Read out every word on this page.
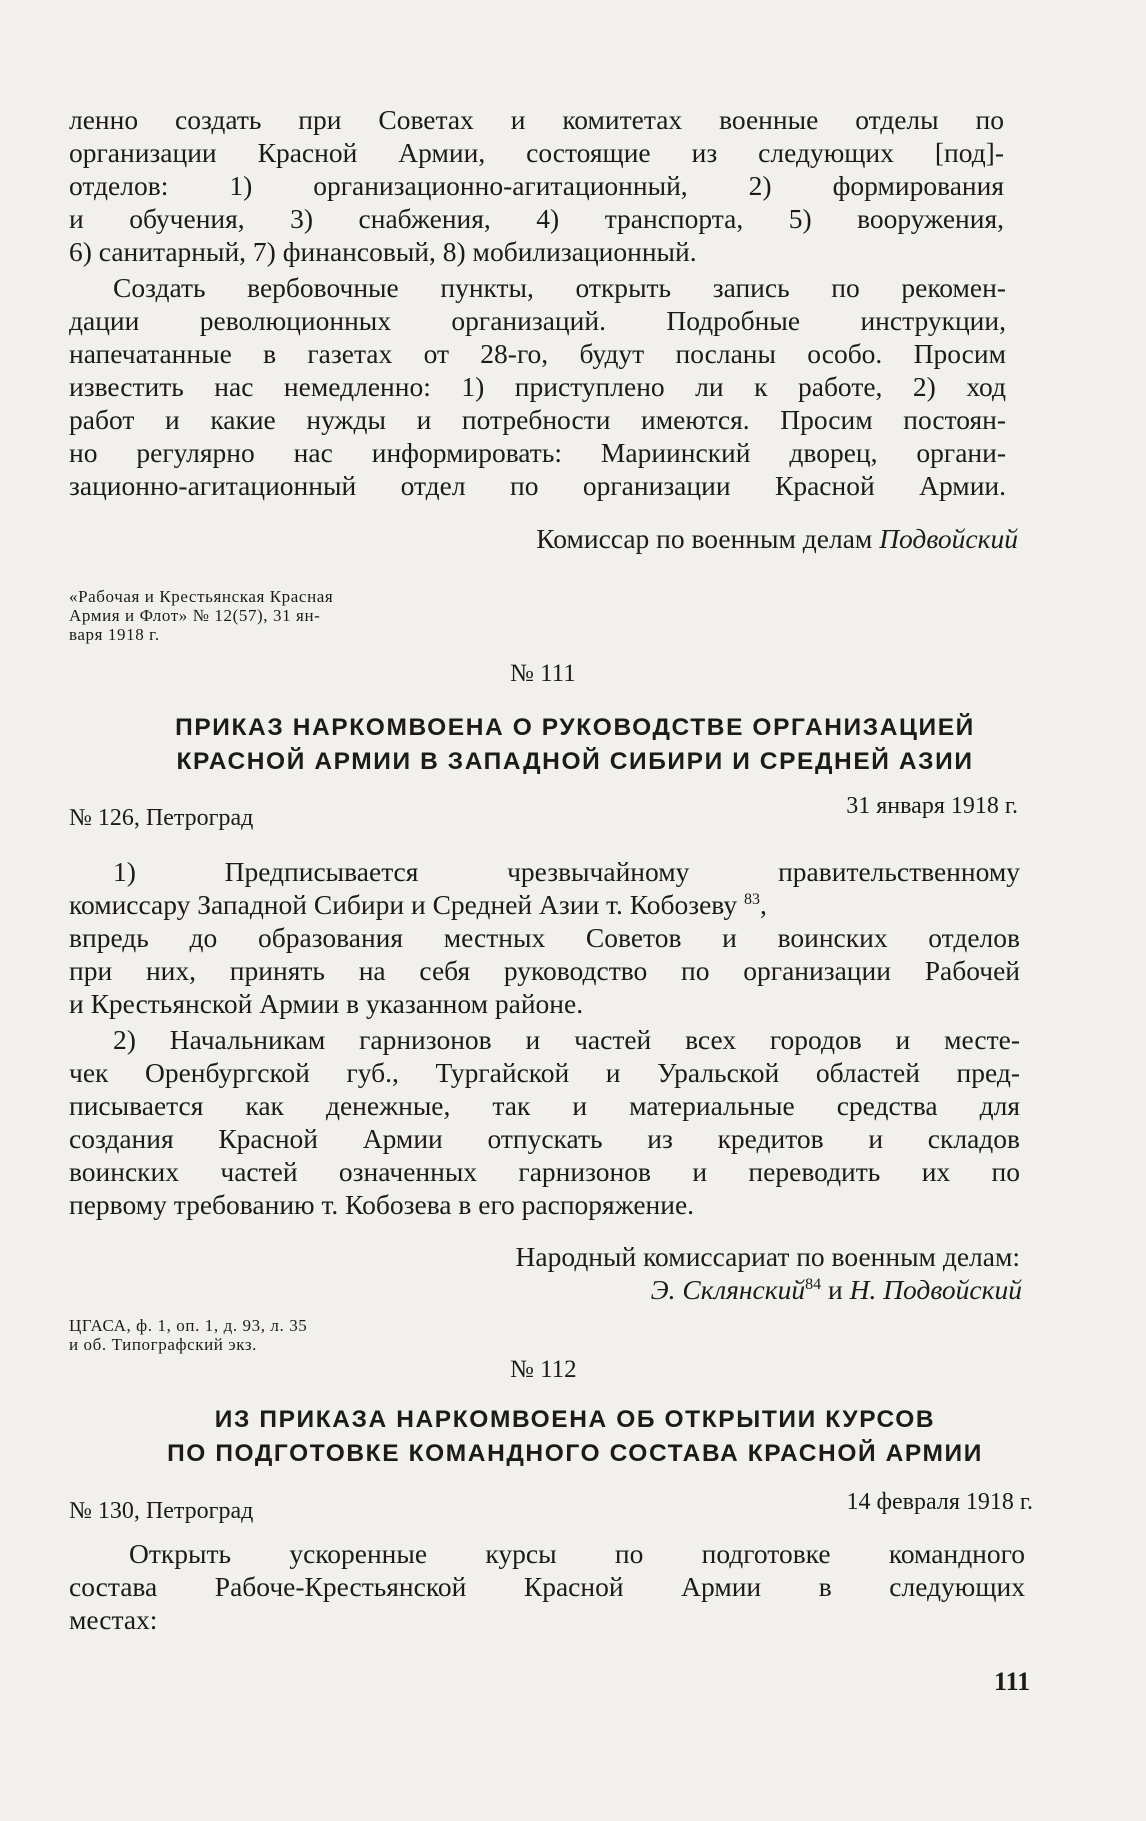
ленно создать при Советах и комитетах военные отделы по
организации Красной Армии, состоящие из следующих [под]-
отделов: 1) организационно-агитационный, 2) формирования
и обучения, 3) снабжения, 4) транспорта, 5) вооружения,
6) санитарный, 7) финансовый, 8) мобилизационный.
Создать вербовочные пункты, открыть запись по рекомен-
дации революционных организаций. Подробные инструкции,
напечатанные в газетах от 28-го, будут посланы особо. Просим
известить нас немедленно: 1) приступлено ли к работе, 2) ход
работ и какие нужды и потребности имеются. Просим постоян-
но регулярно нас информировать: Мариинский дворец, органи-
зационно-агитационный отдел по организации Красной Армии.
Комиссар по военным делам Подвойский
«Рабочая и Крестьянская Красная
Армия и Флот» № 12(57), 31 ян-
варя 1918 г.
№ 111
ПРИКАЗ НАРКОМВОЕНА О РУКОВОДСТВЕ ОРГАНИЗАЦИЕЙ
КРАСНОЙ АРМИИ В ЗАПАДНОЙ СИБИРИ И СРЕДНЕЙ АЗИИ
№ 126, Петроград	31 января 1918 г.
1) Предписывается чрезвычайному правительственному
комиссару Западной Сибири и Средней Азии т. Кобозеву $^{83}$,
впредь до образования местных Советов и воинских отделов
при них, принять на себя руководство по организации Рабочей
и Крестьянской Армии в указанном районе.
2) Начальникам гарнизонов и частей всех городов и месте-
чек Оренбургской губ., Тургайской и Уральской областей пред-
писывается как денежные, так и материальные средства для
создания Красной Армии отпускать из кредитов и складов
воинских частей означенных гарнизонов и переводить их по
первому требованию т. Кобозева в его распоряжение.
Народный комиссариат по военным делам:
Э. Склянский$^{84}$ и Н. Подвойский
ЦГАСА, ф. 1, оп. 1, д. 93, л. 35
и об. Типографский экз.
№ 112
ИЗ ПРИКАЗА НАРКОМВОЕНА ОБ ОТКРЫТИИ КУРСОВ
ПО ПОДГОТОВКЕ КОМАНДНОГО СОСТАВА КРАСНОЙ АРМИИ
№ 130, Петроград	14 февраля 1918 г.
Открыть ускоренные курсы по подготовке командного
состава Рабоче-Крестьянской Красной Армии в следующих
местах:
111
